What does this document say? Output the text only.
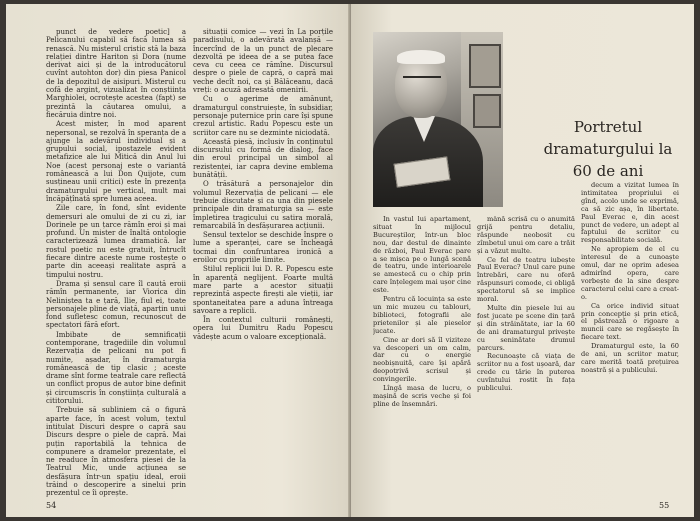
punct de vedere poetic] a Pelicanului capabil să facă lumea să renască. Nu misterul cristic stă la baza relației dintre Hariton și Dora (nume derivat aici și de la introducătorul cuvînt autohton dor) din piesa Panicol de la depozitul de aisipuri. Misterul cu cofă de argint, vizualizat în conștiința Marghiolei, ocrotește acestea (fapt) se prezintă la căutarea omului, a fiecăruia dintre noi.

Acest mister, în mod aparent nepersonal, se rezolvă în speranța de a ajunge la adevărul individual și a grupului social, ipostazele evident metafizice ale lui Mitică din Anul lui Noe (acest personaj este o variantă românească a lui Don Quijote, cum susțineau unii critici) este în prezența dramaturgului pe vertical, mult mai încăpățînată spre lumea aceea.

Zile care, în fond, sînt evidente demersuri ale omului de zi cu zi, iar Dorinele pe un țarce rămîn eroi și mai profund. Un mister de înaltă ontologie caracterizează lumea dramatică. Iar rostul poetic nu este gratuit, întrucît fiecare dintre aceste nume rostește o parte din aceeași realitate aspră a timpului nostru.

Drama și sensul care îl caută eroii rămîn permanente, iar Viorica din Neliniștea ta e țară, Ilie, fiul ei, toate personajele pline de viață, aparțin unui fond sufletesc comun, recunoscut de spectatori fără efort.

Imbibate de semnificații contemporane, tragediile din volumul Rezervația de pelicani nu pot fi numite, așadar, în dramaturgia românească de tip clasic ; aceste drame sînt forme teatrale care reflectă un conflict propus de autor bine definit și circumscris în conștiința culturală a cititorului.

Trebuie să subliniem că o figură aparte face, în acest volum, textul intitulat Discuri despre o capră sau Discurs despre o piele de capră. Mai puțin raportabilă la tehnica de compunere a dramelor prezentate, el ne readuce în atmosfera piesei de la Teatrul Mic, unde acțiunea se desfășura într-un spațiu ideal, eroii trăind o descoperire a sinelui prin prezentul ce îi oprește.

situații comice — vezi în La porțile paradisului, o adevărată avalanșă — încercînd de la un punct de plecare dezvoltă pe ideea de a se putea face ceva cu ceea ce rămîne. Discursul despre o piele de capră, o capră mai veche decît noi, ca și Bălăceanu, dacă vreți: o acuză adresată omenirii.

Cu o agerime de amănunt, dramaturgul construiește, în subsidiar, personaje puternice prin care își spune crezul artistic. Radu Popescu este un scriitor care nu se dezminte niciodată.

Această piesă, inclusiv în conținutul discursului cu formă de dialog, face din eroul principal un simbol al rezistenței, iar capra devine emblema bunătății.

O trăsătură a personajelor din volumul Rezervația de pelicani — ele trebuie discutate și ca una din piesele principale din dramaturgia sa — este împletirea tragicului cu satira morală, remarcabilă în desfășurarea acțiunii.

Sensul textelor se deschide înspre o lume a speranței, care se încheagă tocmai din confruntarea ironică a eroilor cu propriile limite.

Stilul replicii lui D. R. Popescu este în aparență neglijent. Foarte multă mare parte a acestor situații reprezintă aspecte firești ale vieții, iar spontaneitatea pare a aduna întreaga savoare a replicii.

În contextul culturii românești, opera lui Dumitru Radu Popescu vădește acum o valoare excepțională.

54
Portretul dramaturgului la 60 de ani

În vastul lui apartament, situat în mijlocul Bucureștilor, într-un bloc nou, dar destul de dinainte de război, Paul Everac pare a se mișca pe o lungă scenă de teatru, unde interioarele se amestecă cu o chip prin care înțelegem mai ușor cine este.

Pentru că locuința sa este un mic muzeu cu tablouri, biblioteci, fotografii ale prietenilor și ale pieselor jucate.

Cine ar dori să îl viziteze va descoperi un om calm, dar cu o energie neobișnuită, care își apără deopotrivă scrisul și convingerile.

Lîngă masa de lucru, o mașină de scris veche și foi pline de însemnări.

mână scrisă cu o anumită grijă pentru detaliu, răspunde neobosit cu zîmbetul unui om care a trăit și a văzut multe.

Ce fel de teatru iubește Paul Everac? Unul care pune întrebări, care nu oferă răspunsuri comode, ci obligă spectatorul să se implice moral.

Multe din piesele lui au fost jucate pe scene din țară și din străinătate, iar la 60 de ani dramaturgul privește cu seninătate drumul parcurs.

Recunoaște că viața de scriitor nu a fost ușoară, dar crede cu tărie în puterea cuvîntului rostit în fața publicului.

decum a vizitat lumea în intimitatea propriului ei gînd, acolo unde se exprimă, ca să zic așa, în libertate. Paul Everac e, din acest punct de vedere, un adept al faptului de scriitor cu responsabilitate socială.

Ne apropiem de el cu interesul de a cunoaște omul, dar ne oprim adesea admirînd opera, care vorbește de la sine despre caracterul celui care a creat-o.

Ca orice individ situat prin concepție și prin etică, el păstrează o rigoare a muncii care se regăsește în fiecare text.

Dramaturgul este, la 60 de ani, un scriitor matur, care merită toată prețuirea noastră și a publicului.

55
